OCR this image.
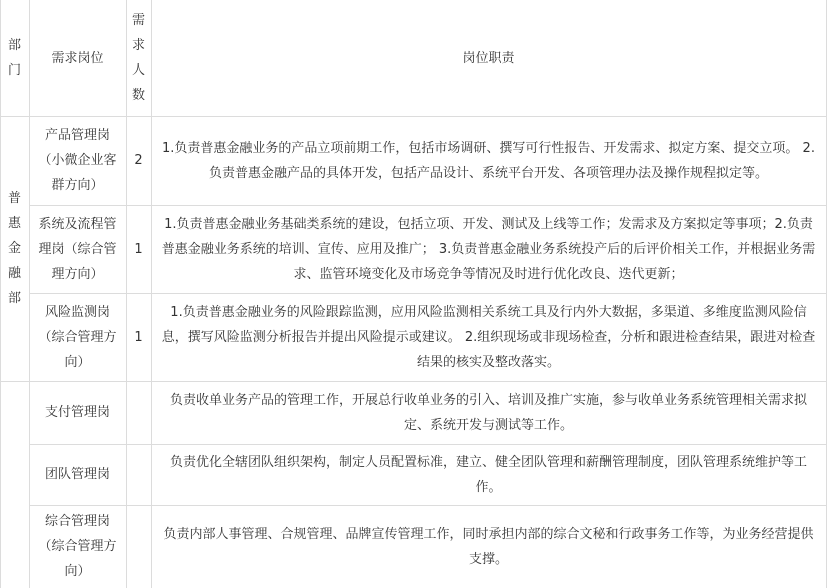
部门
需求岗位
需求人数
岗位职责
普惠金融部
产品管理岗（小微企业客群方向）
2

1.负责普惠金融业务的产品立项前期工作，包括市场调研、撰写可行性报告、开发需求、拟定方案、提交立项。 2.负责普惠金融产品的具体开发，包括产品设计、系统平台开发、各项管理办法及操作规程拟定等。

系统及流程管理岗（综合管理方向）
1

1.负责普惠金融业务基础类系统的建设，包括立项、开发、测试及上线等工作；发需求及方案拟定等事项；2.负责普惠金融业务系统的培训、宣传、应用及推广； 3.负责普惠金融业务系统投产后的后评价相关工作，并根据业务需求、监管环境变化及市场竞争等情况及时进行优化改良、迭代更新；

风险监测岗（综合管理方向）
1

1.负责普惠金融业务的风险跟踪监测，应用风险监测相关系统工具及行内外大数据，多渠道、多维度监测风险信息，撰写风险监测分析报告并提出风险提示或建议。 2.组织现场或非现场检查，分析和跟进检查结果，跟进对检查结果的核实及整改落实。

支付管理岗

负责收单业务产品的管理工作，开展总行收单业务的引入、培训及推广实施，参与收单业务系统管理相关需求拟定、系统开发与测试等工作。

团队管理岗

负责优化全辖团队组织架构，制定人员配置标准，建立、健全团队管理和薪酬管理制度，团队管理系统维护等工作。

综合管理岗（综合管理方向）

负责内部人事管理、合规管理、品牌宣传管理工作，同时承担内部的综合文秘和行政事务工作等，为业务经营提供支撑。
